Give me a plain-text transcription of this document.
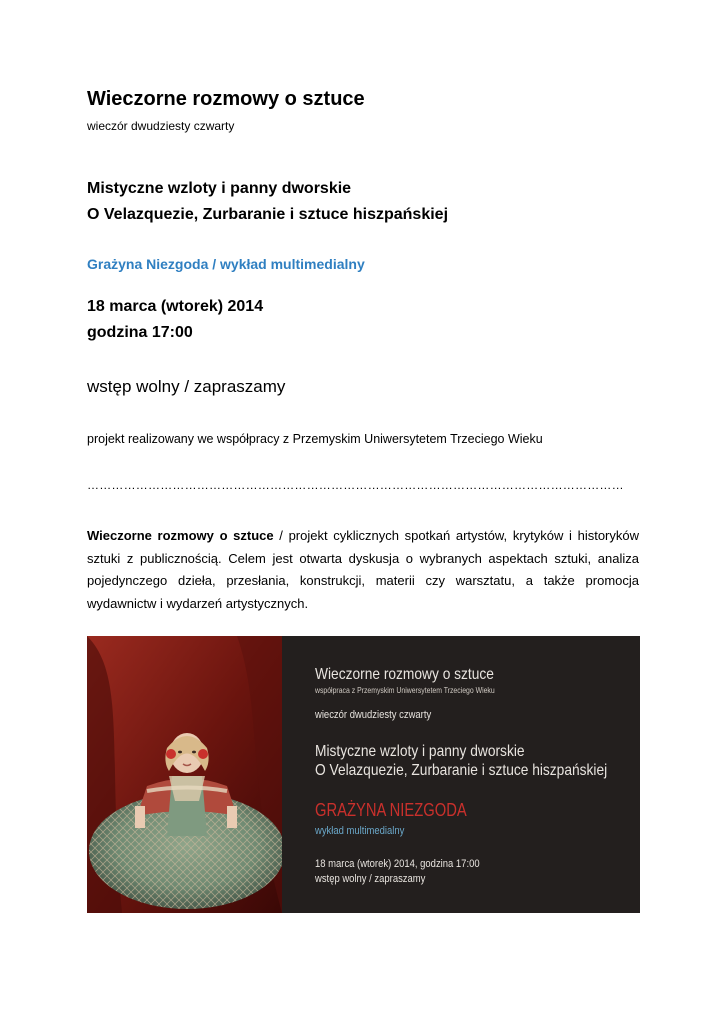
Wieczorne rozmowy o sztuce
wieczór dwudziesty czwarty
Mistyczne wzloty i panny dworskie
O Velazquezie, Zurbaranie i sztuce hiszpańskiej
Grażyna Niezgoda / wykład multimedialny
18 marca (wtorek) 2014
godzina 17:00
wstęp wolny / zapraszamy
projekt realizowany we współpracy z Przemyskim Uniwersytetem Trzeciego Wieku
……………………………………………………………………………………………………………………
Wieczorne rozmowy o sztuce / projekt cyklicznych spotkań artystów, krytyków i historyków sztuki z publicznością. Celem jest otwarta dyskusja o wybranych aspektach sztuki, analiza pojedynczego dzieła, przesłania, konstrukcji, materii czy warsztatu, a także promocja wydawnictw i wydarzeń artystycznych.
Wieczorne rozmowy o sztuce
współpraca z Przemyskim Uniwersytetem Trzeciego Wieku
wieczór dwudziesty czwarty
Mistyczne wzloty i panny dworskie
O Velazquezie, Zurbaranie i sztuce hiszpańskiej
GRAŻYNA NIEZGODA
wykład multimedialny
18 marca (wtorek) 2014, godzina 17:00
wstęp wolny / zapraszamy
